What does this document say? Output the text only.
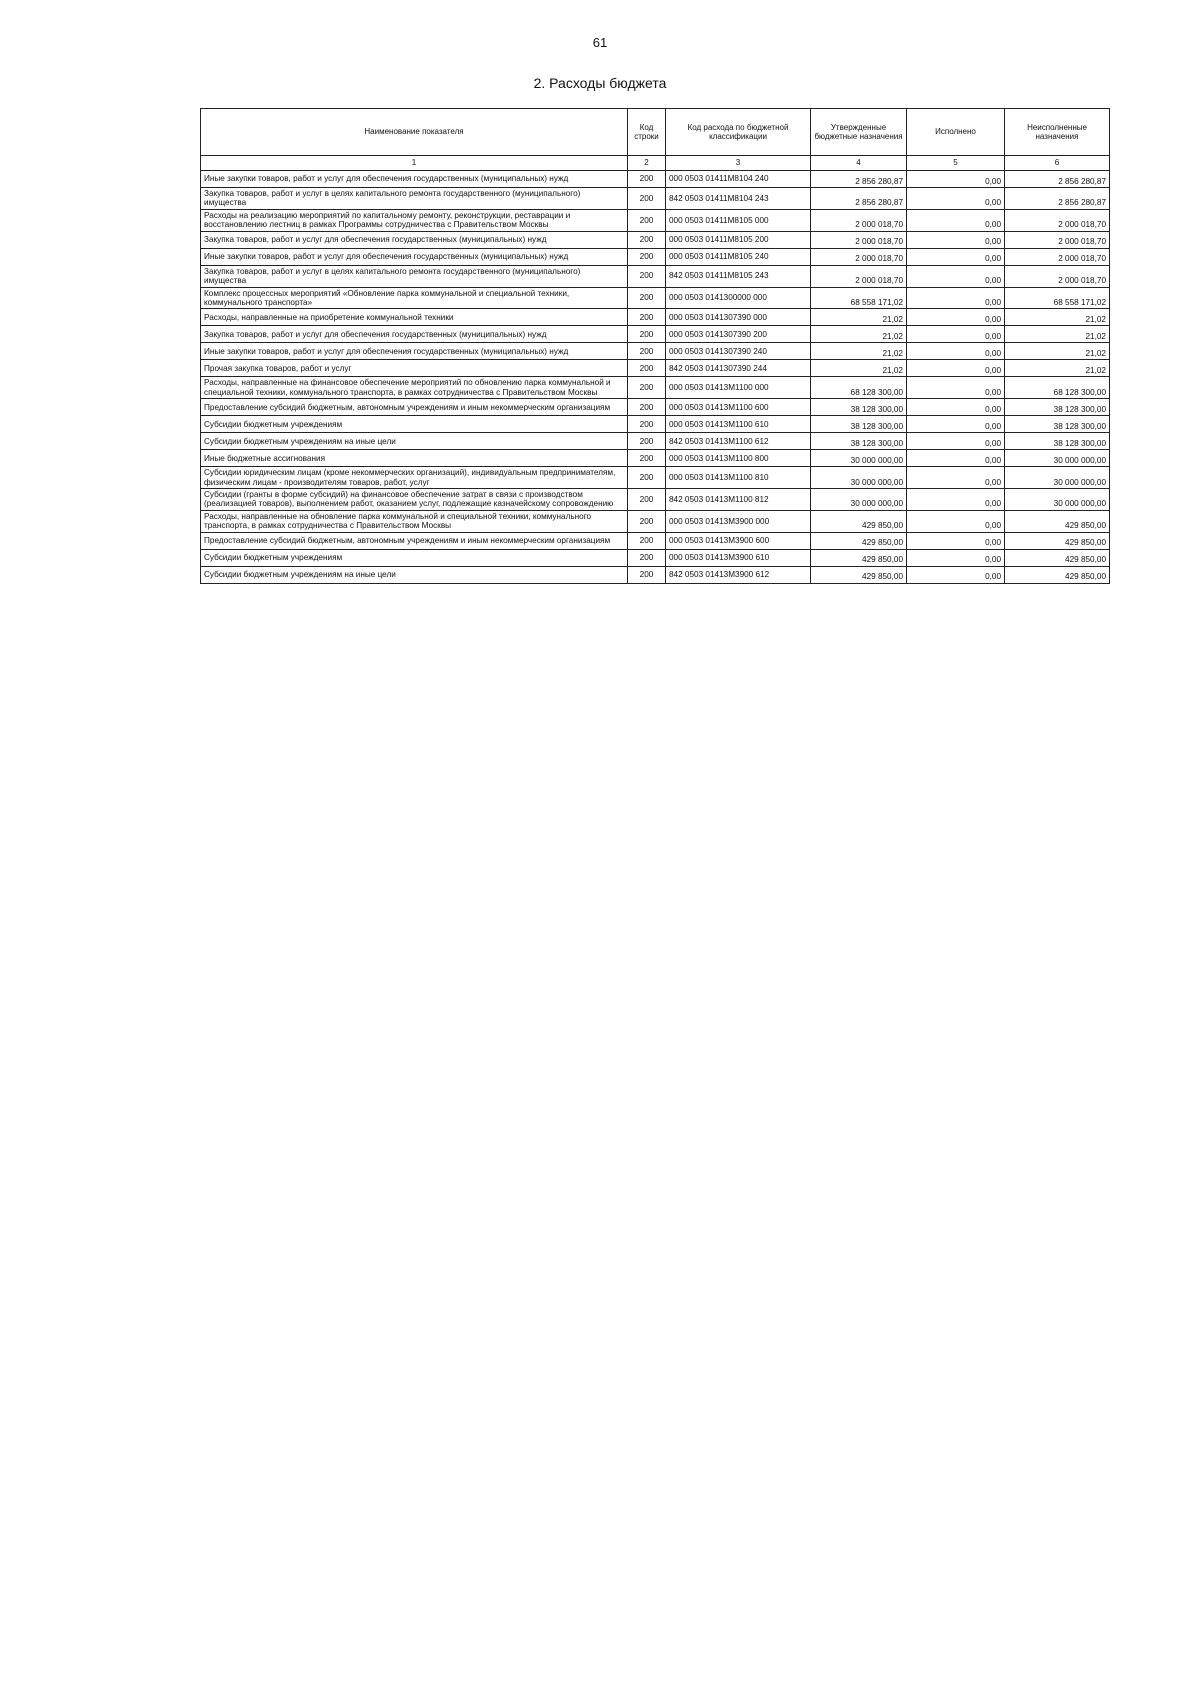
61
2. Расходы бюджета
Наименование показателя	Код строки	Код расхода по бюджетной классификации	Утвержденные бюджетные назначения	Исполнено	Неисполненные назначения
1	2	3	4	5	6
Иные закупки товаров, работ и услуг для обеспечения государственных (муниципальных) нужд	200	000 0503 01411M8104 240	2 856 280,87	0,00	2 856 280,87
Закупка товаров, работ и услуг в целях капитального ремонта государственного (муниципального) имущества	200	842 0503 01411M8104 243	2 856 280,87	0,00	2 856 280,87
Расходы на реализацию мероприятий по капитальному ремонту, реконструкции, реставрации и восстановлению лестниц в рамках Программы сотрудничества с Правительством Москвы	200	000 0503 01411M8105 000	2 000 018,70	0,00	2 000 018,70
Закупка товаров, работ и услуг для обеспечения государственных (муниципальных) нужд	200	000 0503 01411M8105 200	2 000 018,70	0,00	2 000 018,70
Иные закупки товаров, работ и услуг для обеспечения государственных (муниципальных) нужд	200	000 0503 01411M8105 240	2 000 018,70	0,00	2 000 018,70
Закупка товаров, работ и услуг в целях капитального ремонта государственного (муниципального) имущества	200	842 0503 01411M8105 243	2 000 018,70	0,00	2 000 018,70
Комплекс процессных мероприятий «Обновление парка коммунальной и специальной техники, коммунального транспорта»	200	000 0503 0141300000 000	68 558 171,02	0,00	68 558 171,02
Расходы, направленные на приобретение коммунальной техники	200	000 0503 0141307390 000	21,02	0,00	21,02
Закупка товаров, работ и услуг для обеспечения государственных (муниципальных) нужд	200	000 0503 0141307390 200	21,02	0,00	21,02
Иные закупки товаров, работ и услуг для обеспечения государственных (муниципальных) нужд	200	000 0503 0141307390 240	21,02	0,00	21,02
Прочая закупка товаров, работ и услуг	200	842 0503 0141307390 244	21,02	0,00	21,02
Расходы, направленные на финансовое обеспечение мероприятий по обновлению парка коммунальной и специальной техники, коммунального транспорта, в рамках сотрудничества с Правительством Москвы	200	000 0503 01413M1100 000	68 128 300,00	0,00	68 128 300,00
Предоставление субсидий бюджетным, автономным учреждениям и иным некоммерческим организациям	200	000 0503 01413M1100 600	38 128 300,00	0,00	38 128 300,00
Субсидии бюджетным учреждениям	200	000 0503 01413M1100 610	38 128 300,00	0,00	38 128 300,00
Субсидии бюджетным учреждениям на иные цели	200	842 0503 01413M1100 612	38 128 300,00	0,00	38 128 300,00
Иные бюджетные ассигнования	200	000 0503 01413M1100 800	30 000 000,00	0,00	30 000 000,00
Субсидии юридическим лицам (кроме некоммерческих организаций), индивидуальным предпринимателям, физическим лицам - производителям товаров, работ, услуг	200	000 0503 01413M1100 810	30 000 000,00	0,00	30 000 000,00
Субсидии (гранты в форме субсидий) на финансовое обеспечение затрат в связи с производством (реализацией товаров), выполнением работ, оказанием услуг, подлежащие казначейскому сопровождению	200	842 0503 01413M1100 812	30 000 000,00	0,00	30 000 000,00
Расходы, направленные на обновление парка коммунальной и специальной техники, коммунального транспорта, в рамках сотрудничества с Правительством Москвы	200	000 0503 01413M3900 000	429 850,00	0,00	429 850,00
Предоставление субсидий бюджетным, автономным учреждениям и иным некоммерческим организациям	200	000 0503 01413M3900 600	429 850,00	0,00	429 850,00
Субсидии бюджетным учреждениям	200	000 0503 01413M3900 610	429 850,00	0,00	429 850,00
Субсидии бюджетным учреждениям на иные цели	200	842 0503 01413M3900 612	429 850,00	0,00	429 850,00
